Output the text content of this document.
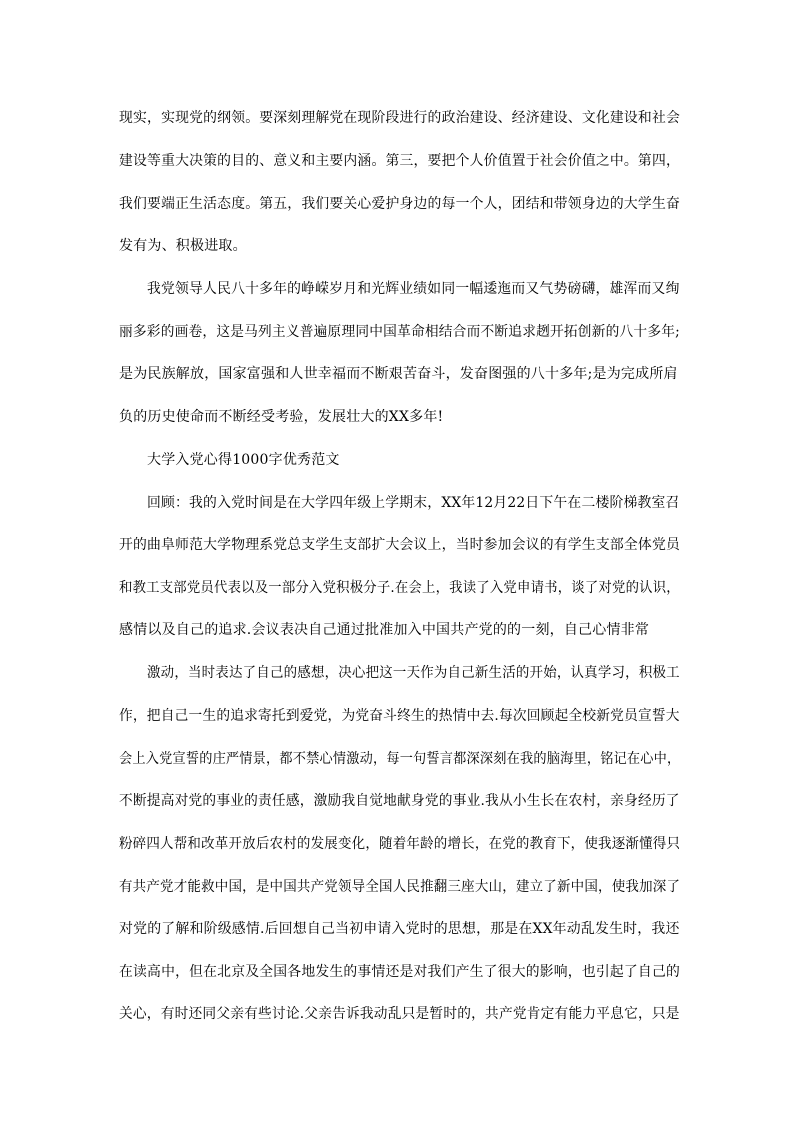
现实，实现党的纲领。要深刻理解党在现阶段进行的政治建设、经济建设、文化建设和社会
建设等重大决策的目的、意义和主要内涵。第三，要把个人价值置于社会价值之中。第四，
我们要端正生活态度。第五，我们要关心爱护身边的每一个人，团结和带领身边的大学生奋
发有为、积极进取。
我党领导人民八十多年的峥嵘岁月和光辉业绩如同一幅逶迤而又气势磅礴，雄浑而又绚
丽多彩的画卷，这是马列主义普遍原理同中国革命相结合而不断追求趔开拓创新的八十多年;
是为民族解放，国家富强和人世幸福而不断艰苦奋斗，发奋图强的八十多年;是为完成所肩
负的历史使命而不断经受考验，发展壮大的XX多年!
大学入党心得1000字优秀范文
回顾：我的入党时间是在大学四年级上学期末，XX年12月22日下午在二楼阶梯教室召
开的曲阜师范大学物理系党总支学生支部扩大会议上，当时参加会议的有学生支部全体党员
和教工支部党员代表以及一部分入党积极分子.在会上，我读了入党申请书，谈了对党的认识，
感情以及自己的追求.会议表决自己通过批准加入中国共产党的的一刻，自己心情非常
激动，当时表达了自己的感想，决心把这一天作为自己新生活的开始，认真学习，积极工
作，把自己一生的追求寄托到爱党，为党奋斗终生的热情中去.每次回顾起全校新党员宣誓大
会上入党宣誓的庄严情景，都不禁心情激动，每一句誓言都深深刻在我的脑海里，铭记在心中，
不断提高对党的事业的责任感，激励我自觉地献身党的事业.我从小生长在农村，亲身经历了
粉碎四人帮和改革开放后农村的发展变化，随着年龄的增长，在党的教育下，使我逐渐懂得只
有共产党才能救中国，是中国共产党领导全国人民推翻三座大山，建立了新中国，使我加深了
对党的了解和阶级感情.后回想自己当初申请入党时的思想，那是在XX年动乱发生时，我还
在读高中，但在北京及全国各地发生的事情还是对我们产生了很大的影响，也引起了自己的
关心，有时还同父亲有些讨论.父亲告诉我动乱只是暂时的，共产党肯定有能力平息它，只是
